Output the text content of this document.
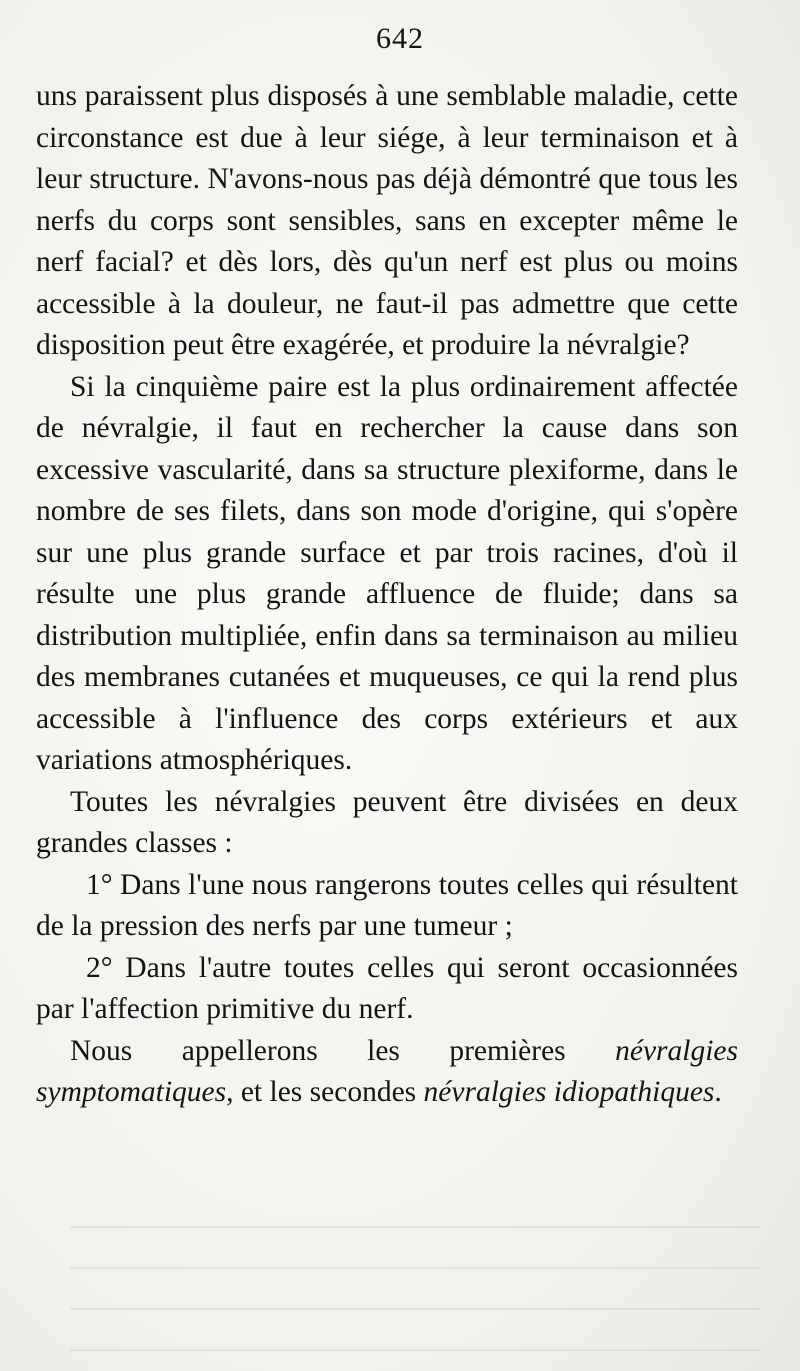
642

uns paraissent plus disposés à une semblable maladie, cette circonstance est due à leur siége, à leur terminaison et à leur structure. N'avons-nous pas déjà démontré que tous les nerfs du corps sont sensibles, sans en excepter même le nerf facial? et dès lors, dès qu'un nerf est plus ou moins accessible à la douleur, ne faut-il pas admettre que cette disposition peut être exagérée, et produire la névralgie?

Si la cinquième paire est la plus ordinairement affectée de névralgie, il faut en rechercher la cause dans son excessive vascularité, dans sa structure plexiforme, dans le nombre de ses filets, dans son mode d'origine, qui s'opère sur une plus grande surface et par trois racines, d'où il résulte une plus grande affluence de fluide; dans sa distribution multipliée, enfin dans sa terminaison au milieu des membranes cutanées et muqueuses, ce qui la rend plus accessible à l'influence des corps extérieurs et aux variations atmosphériques.

Toutes les névralgies peuvent être divisées en deux grandes classes :

1° Dans l'une nous rangerons toutes celles qui résultent de la pression des nerfs par une tumeur ;

2° Dans l'autre toutes celles qui seront occasionnées par l'affection primitive du nerf.

Nous appellerons les premières névralgies symptomatiques, et les secondes névralgies idiopathiques.
